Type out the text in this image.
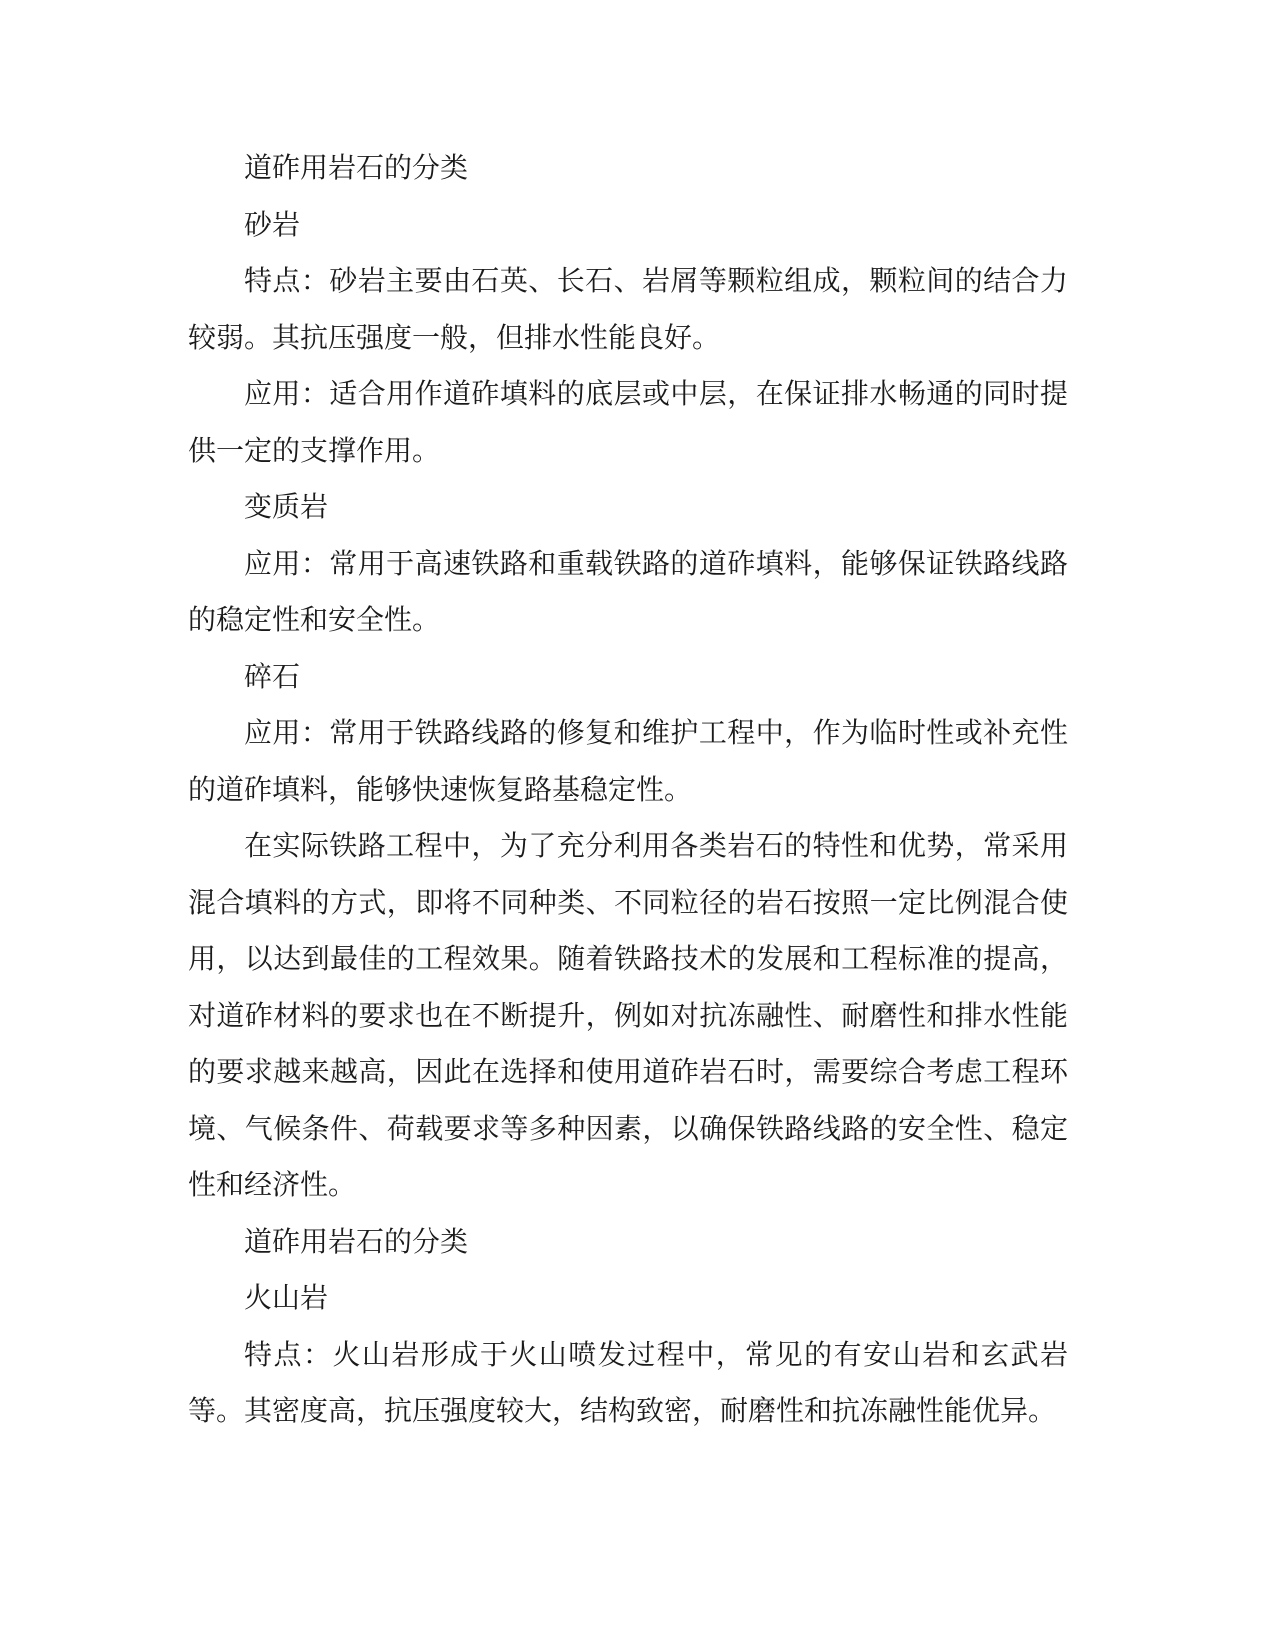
道砟用岩石的分类

砂岩

特点：砂岩主要由石英、长石、岩屑等颗粒组成，颗粒间的结合力较弱。其抗压强度一般，但排水性能良好。

应用：适合用作道砟填料的底层或中层，在保证排水畅通的同时提供一定的支撑作用。

变质岩

应用：常用于高速铁路和重载铁路的道砟填料，能够保证铁路线路的稳定性和安全性。

碎石

应用：常用于铁路线路的修复和维护工程中，作为临时性或补充性的道砟填料，能够快速恢复路基稳定性。

在实际铁路工程中，为了充分利用各类岩石的特性和优势，常采用混合填料的方式，即将不同种类、不同粒径的岩石按照一定比例混合使用，以达到最佳的工程效果。随着铁路技术的发展和工程标准的提高，对道砟材料的要求也在不断提升，例如对抗冻融性、耐磨性和排水性能的要求越来越高，因此在选择和使用道砟岩石时，需要综合考虑工程环境、气候条件、荷载要求等多种因素，以确保铁路线路的安全性、稳定性和经济性。

道砟用岩石的分类

火山岩

特点：火山岩形成于火山喷发过程中，常见的有安山岩和玄武岩等。其密度高，抗压强度较大，结构致密，耐磨性和抗冻融性能优异。
